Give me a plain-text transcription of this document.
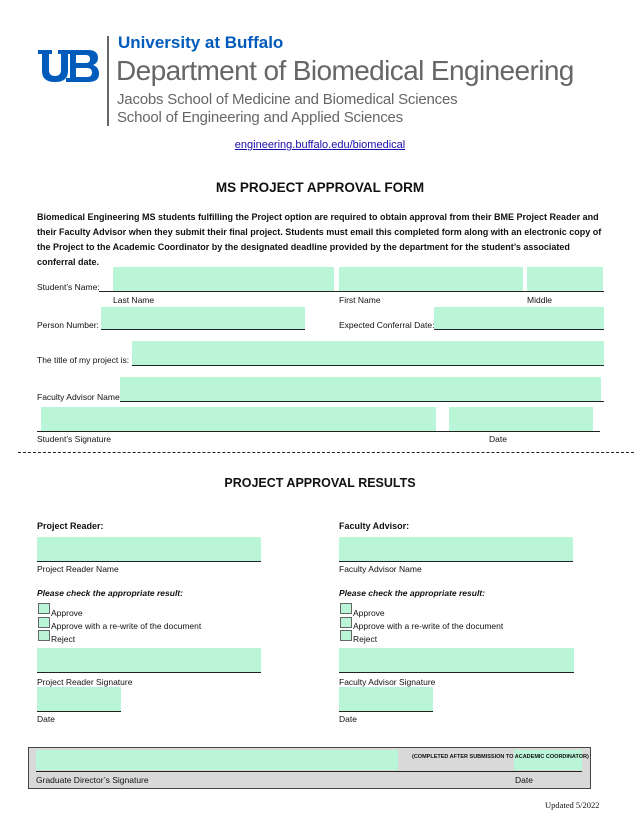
University at Buffalo
Department of Biomedical Engineering
Jacobs School of Medicine and Biomedical Sciences
School of Engineering and Applied Sciences
engineering.buffalo.edu/biomedical
MS PROJECT APPROVAL FORM
Biomedical Engineering MS students fulfilling the Project option are required to obtain approval from their BME Project Reader and their Faculty Advisor when they submit their final project. Students must email this completed form along with an electronic copy of the Project to the Academic Coordinator by the designated deadline provided by the department for the student’s associated conferral date.
Student’s Name:
Last Name	First Name	Middle
Person Number:	Expected Conferral Date:
The title of my project is:
Faculty Advisor Name
Student’s Signature	Date
PROJECT APPROVAL RESULTS
Project Reader:
Project Reader Name
Please check the appropriate result:
Approve
Approve with a re-write of the document
Reject
Project Reader Signature
Date
Faculty Advisor:
Faculty Advisor Name
Please check the appropriate result:
Approve
Approve with a re-write of the document
Reject
Faculty Advisor Signature
Date
(COMPLETED AFTER SUBMISSION TO ACADEMIC COORDINATOR)
Graduate Director’s Signature	Date
Updated 5/2022
